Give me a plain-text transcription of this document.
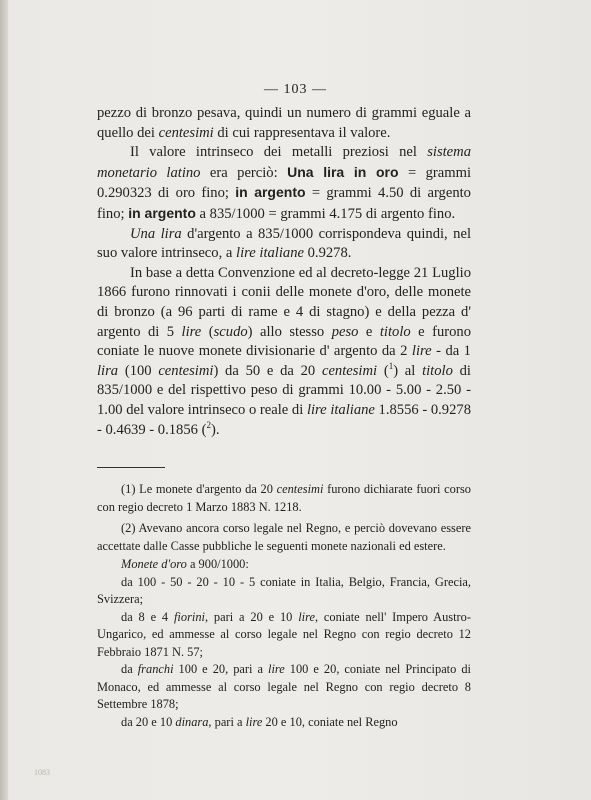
— 103 —

pezzo di bronzo pesava, quindi un numero di grammi eguale a quello dei centesimi di cui rappresentava il valore.

Il valore intrinseco dei metalli preziosi nel sistema monetario latino era perciò: Una lira in oro = grammi 0.290323 di oro fino; in argento = grammi 4.50 di argento fino; in argento a 835/1000 = grammi 4.175 di argento fino.

Una lira d'argento a 835/1000 corrispondeva quindi, nel suo valore intrinseco, a lire italiane 0.9278.

In base a detta Convenzione ed al decreto-legge 21 Luglio 1866 furono rinnovati i conii delle monete d'oro, delle monete di bronzo (a 96 parti di rame e 4 di stagno) e della pezza d' argento di 5 lire (scudo) allo stesso peso e titolo e furono coniate le nuove monete divisionarie d' argento da 2 lire - da 1 lira (100 centesimi) da 50 e da 20 centesimi ($^1$) al titolo di 835/1000 e del rispettivo peso di grammi 10.00 - 5.00 - 2.50 - 1.00 del valore intrinseco o reale di lire italiane 1.8556 - 0.9278 - 0.4639 - 0.1856 ($^2$).

(1) Le monete d'argento da 20 centesimi furono dichiarate fuori corso con regio decreto 1 Marzo 1883 N. 1218.

(2) Avevano ancora corso legale nel Regno, e perciò dovevano essere accettate dalle Casse pubbliche le seguenti monete nazionali ed estere.

Monete d'oro a 900/1000:

da 100 - 50 - 20 - 10 - 5 coniate in Italia, Belgio, Francia, Grecia, Svizzera;

da 8 e 4 fiorini, pari a 20 e 10 lire, coniate nell' Impero Austro-Ungarico, ed ammesse al corso legale nel Regno con regio decreto 12 Febbraio 1871 N. 57;

da franchi 100 e 20, pari a lire 100 e 20, coniate nel Principato di Monaco, ed ammesse al corso legale nel Regno con regio decreto 8 Settembre 1878;

da 20 e 10 dinara, pari a lire 20 e 10, coniate nel Regno

1083
